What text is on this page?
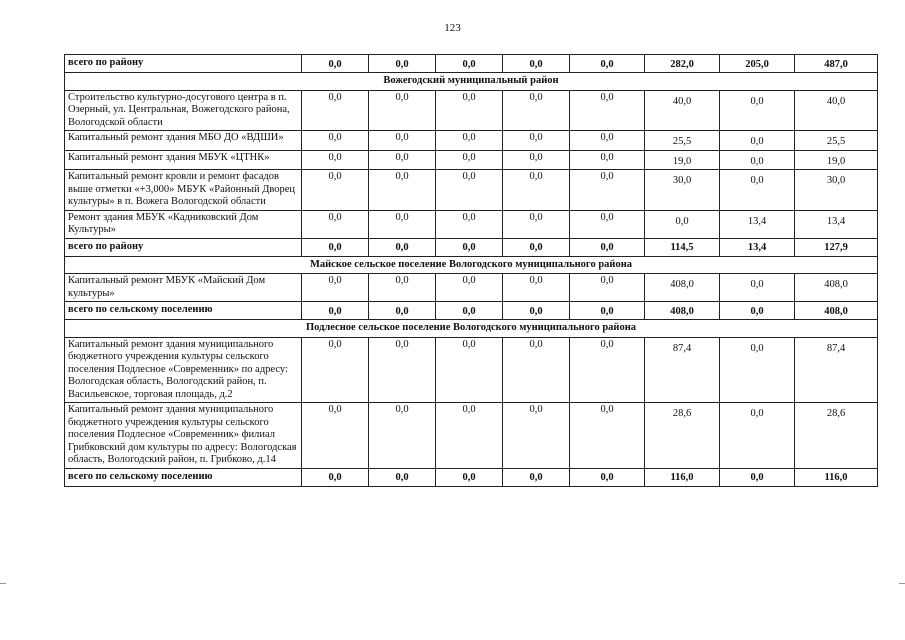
123
всего по району	0,0	0,0	0,0	0,0	0,0	282,0	205,0	487,0
Вожегодский муниципальный район								
Строительство культурно-досугового центра в п. Озерный, ул. Центральная, Вожегодского района, Вологодской области	0,0	0,0	0,0	0,0	0,0	40,0	0,0	40,0

Капитальный ремонт здания МБО ДО «ВДШИ»	0,0	0,0	0,0	0,0	0,0	25,5	0,0	25,5

Капитальный ремонт здания МБУК «ЦТНК»	0,0	0,0	0,0	0,0	0,0	19,0	0,0	19,0

Капитальный ремонт кровли и ремонт фасадов выше отметки «+3,000» МБУК «Районный Дворец культуры» в п. Вожега Вологодской области	0,0	0,0	0,0	0,0	0,0	30,0	0,0	30,0

Ремонт здания МБУК «Кадниковский Дом Культуры»	0,0	0,0	0,0	0,0	0,0	0,0	13,4	13,4

всего по району	0,0	0,0	0,0	0,0	0,0	114,5	13,4	127,9
Майское сельское поселение Вологодского муниципального района								
Капитальный ремонт МБУК «Майский Дом культуры»	0,0	0,0	0,0	0,0	0,0	408,0	0,0	408,0

всего по сельскому поселению	0,0	0,0	0,0	0,0	0,0	408,0	0,0	408,0
Подлесное сельское поселение Вологодского муниципального района								
Капитальный ремонт здания муниципального бюджетного учреждения культуры сельского поселения Подлесное «Современник» по адресу: Вологодская область, Вологодский район, п. Васильевское, торговая площадь, д.2	0,0	0,0	0,0	0,0	0,0	87,4	0,0	87,4

Капитальный ремонт здания муниципального бюджетного учреждения культуры сельского поселения Подлесное «Современник» филиал Грибковский дом культуры по адресу: Вологодская область, Вологодский район, п. Грибково, д.14	0,0	0,0	0,0	0,0	0,0	28,6	0,0	28,6

всего по сельскому поселению	0,0	0,0	0,0	0,0	0,0	116,0	0,0	116,0
